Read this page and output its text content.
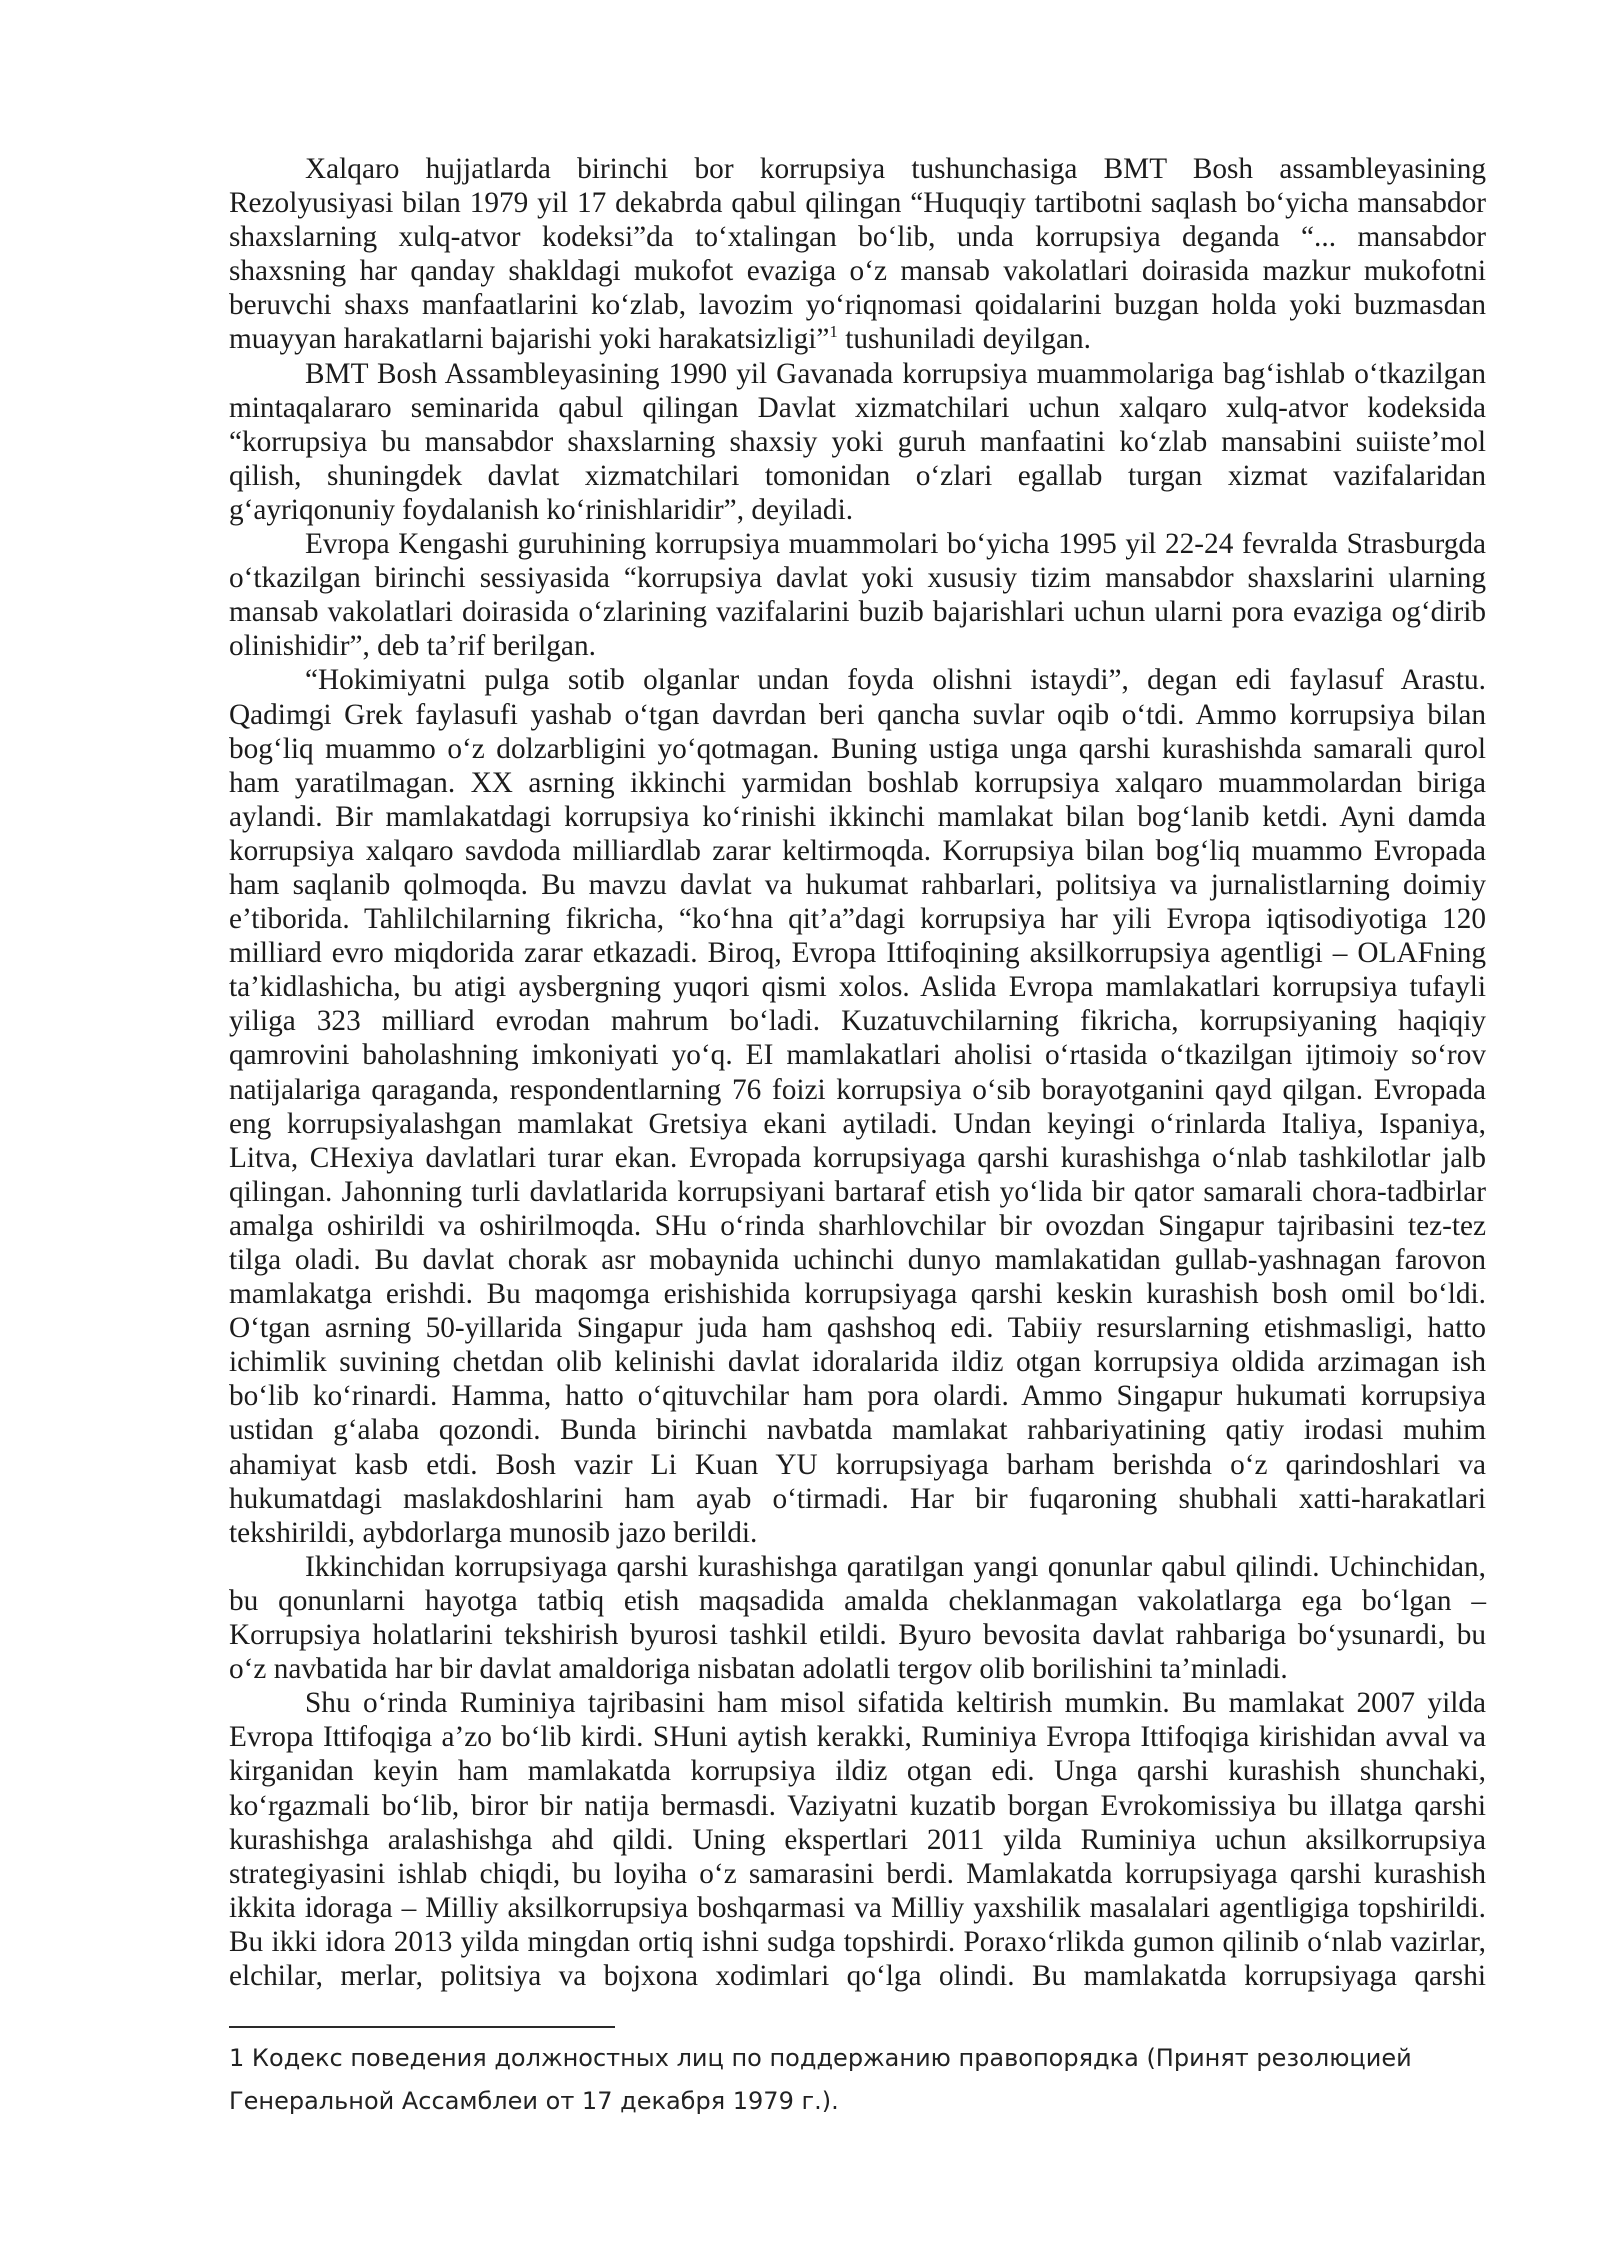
Xalqaro hujjatlarda birinchi bor korrupsiya tushunchasiga BMT Bosh assambleyasining
Rezolyusiyasi bilan 1979 yil 17 dekabrda qabul qilingan “Huquqiy tartibotni saqlash bo‘yicha mansabdor
shaxslarning xulq-atvor kodeksi”da to‘xtalingan bo‘lib, unda korrupsiya deganda “... mansabdor
shaxsning har qanday shakldagi mukofot evaziga o‘z mansab vakolatlari doirasida mazkur mukofotni
beruvchi shaxs manfaatlarini ko‘zlab, lavozim yo‘riqnomasi qoidalarini buzgan holda yoki buzmasdan
muayyan harakatlarni bajarishi yoki harakatsizligi”$^1$ tushuniladi deyilgan.
BMT Bosh Assambleyasining 1990 yil Gavanada korrupsiya muammolariga bag‘ishlab o‘tkazilgan
mintaqalararo seminarida qabul qilingan Davlat xizmatchilari uchun xalqaro xulq-atvor kodeksida
“korrupsiya bu mansabdor shaxslarning shaxsiy yoki guruh manfaatini ko‘zlab mansabini suiiste’mol
qilish, shuningdek davlat xizmatchilari tomonidan o‘zlari egallab turgan xizmat vazifalaridan
g‘ayriqonuniy foydalanish ko‘rinishlaridir”, deyiladi.
Evropa Kengashi guruhining korrupsiya muammolari bo‘yicha 1995 yil 22-24 fevralda Strasburgda
o‘tkazilgan birinchi sessiyasida “korrupsiya davlat yoki xususiy tizim mansabdor shaxslarini ularning
mansab vakolatlari doirasida o‘zlarining vazifalarini buzib bajarishlari uchun ularni pora evaziga og‘dirib
olinishidir”, deb ta’rif berilgan.
“Hokimiyatni pulga sotib olganlar undan foyda olishni istaydi”, degan edi faylasuf Arastu.
Qadimgi Grek faylasufi yashab o‘tgan davrdan beri qancha suvlar oqib o‘tdi. Ammo korrupsiya bilan
bog‘liq muammo o‘z dolzarbligini yo‘qotmagan. Buning ustiga unga qarshi kurashishda samarali qurol
ham yaratilmagan. XX asrning ikkinchi yarmidan boshlab korrupsiya xalqaro muammolardan biriga
aylandi. Bir mamlakatdagi korrupsiya ko‘rinishi ikkinchi mamlakat bilan bog‘lanib ketdi. Ayni damda
korrupsiya xalqaro savdoda milliardlab zarar keltirmoqda. Korrupsiya bilan bog‘liq muammo Evropada
ham saqlanib qolmoqda. Bu mavzu davlat va hukumat rahbarlari, politsiya va jurnalistlarning doimiy
e’tiborida. Tahlilchilarning fikricha, “ko‘hna qit’a”dagi korrupsiya har yili Evropa iqtisodiyotiga 120
milliard evro miqdorida zarar etkazadi. Biroq, Evropa Ittifoqining aksilkorrupsiya agentligi – OLAFning
ta’kidlashicha, bu atigi aysbergning yuqori qismi xolos. Aslida Evropa mamlakatlari korrupsiya tufayli
yiliga 323 milliard evrodan mahrum bo‘ladi. Kuzatuvchilarning fikricha, korrupsiyaning haqiqiy
qamrovini baholashning imkoniyati yo‘q. EI mamlakatlari aholisi o‘rtasida o‘tkazilgan ijtimoiy so‘rov
natijalariga qaraganda, respondentlarning 76 foizi korrupsiya o‘sib borayotganini qayd qilgan. Evropada
eng korrupsiyalashgan mamlakat Gretsiya ekani aytiladi. Undan keyingi o‘rinlarda Italiya, Ispaniya,
Litva, CHexiya davlatlari turar ekan. Evropada korrupsiyaga qarshi kurashishga o‘nlab tashkilotlar jalb
qilingan. Jahonning turli davlatlarida korrupsiyani bartaraf etish yo‘lida bir qator samarali chora-tadbirlar
amalga oshirildi va oshirilmoqda. SHu o‘rinda sharhlovchilar bir ovozdan Singapur tajribasini tez-tez
tilga oladi. Bu davlat chorak asr mobaynida uchinchi dunyo mamlakatidan gullab-yashnagan farovon
mamlakatga erishdi. Bu maqomga erishishida korrupsiyaga qarshi keskin kurashish bosh omil bo‘ldi.
O‘tgan asrning 50-yillarida Singapur juda ham qashshoq edi. Tabiiy resurslarning etishmasligi, hatto
ichimlik suvining chetdan olib kelinishi davlat idoralarida ildiz otgan korrupsiya oldida arzimagan ish
bo‘lib ko‘rinardi. Hamma, hatto o‘qituvchilar ham pora olardi. Ammo Singapur hukumati korrupsiya
ustidan g‘alaba qozondi. Bunda birinchi navbatda mamlakat rahbariyatining qatiy irodasi muhim
ahamiyat kasb etdi. Bosh vazir Li Kuan YU korrupsiyaga barham berishda o‘z qarindoshlari va
hukumatdagi maslakdoshlarini ham ayab o‘tirmadi. Har bir fuqaroning shubhali xatti-harakatlari
tekshirildi, aybdorlarga munosib jazo berildi.
Ikkinchidan korrupsiyaga qarshi kurashishga qaratilgan yangi qonunlar qabul qilindi. Uchinchidan,
bu qonunlarni hayotga tatbiq etish maqsadida amalda cheklanmagan vakolatlarga ega bo‘lgan –
Korrupsiya holatlarini tekshirish byurosi tashkil etildi. Byuro bevosita davlat rahbariga bo‘ysunardi, bu
o‘z navbatida har bir davlat amaldoriga nisbatan adolatli tergov olib borilishini ta’minladi.
Shu o‘rinda Ruminiya tajribasini ham misol sifatida keltirish mumkin. Bu mamlakat 2007 yilda
Evropa Ittifoqiga a’zo bo‘lib kirdi. SHuni aytish kerakki, Ruminiya Evropa Ittifoqiga kirishidan avval va
kirganidan keyin ham mamlakatda korrupsiya ildiz otgan edi. Unga qarshi kurashish shunchaki,
ko‘rgazmali bo‘lib, biror bir natija bermasdi. Vaziyatni kuzatib borgan Evrokomissiya bu illatga qarshi
kurashishga aralashishga ahd qildi. Uning ekspertlari 2011 yilda Ruminiya uchun aksilkorrupsiya
strategiyasini ishlab chiqdi, bu loyiha o‘z samarasini berdi. Mamlakatda korrupsiyaga qarshi kurashish
ikkita idoraga – Milliy aksilkorrupsiya boshqarmasi va Milliy yaxshilik masalalari agentligiga topshirildi.
Bu ikki idora 2013 yilda mingdan ortiq ishni sudga topshirdi. Poraxo‘rlikda gumon qilinib o‘nlab vazirlar,
elchilar, merlar, politsiya va bojxona xodimlari qo‘lga olindi. Bu mamlakatda korrupsiyaga qarshi
1 Кодекс поведения должностных лиц по поддержанию правопорядка (Принят резолюцией Генеральной Ассамблеи от 17 декабря 1979 г.).
